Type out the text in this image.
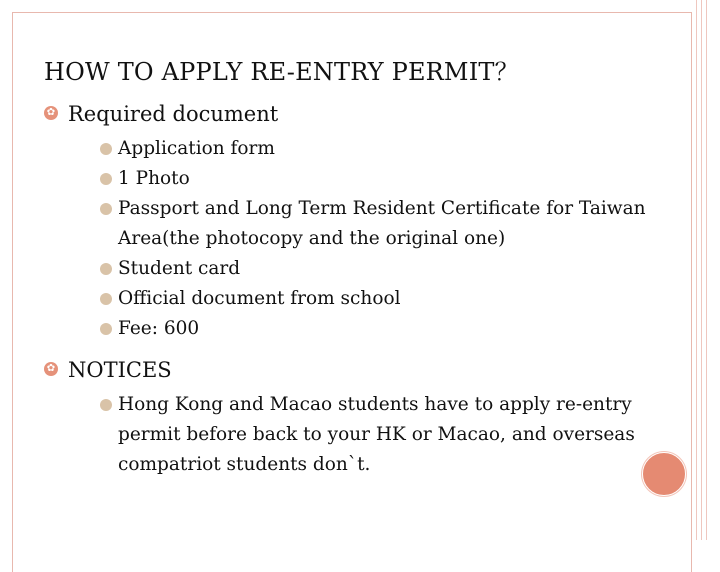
HOW TO APPLY RE-ENTRY PERMIT？
✿ Required document
Application form
1 Photo
Passport and Long Term Resident Certificate for Taiwan Area(the photocopy and the original one)
Student card
Official document from school
Fee: 600
✿ NOTICES
Hong Kong and Macao students have to apply re-entry permit before back to your HK or Macao, and overseas compatriot students don`t.
